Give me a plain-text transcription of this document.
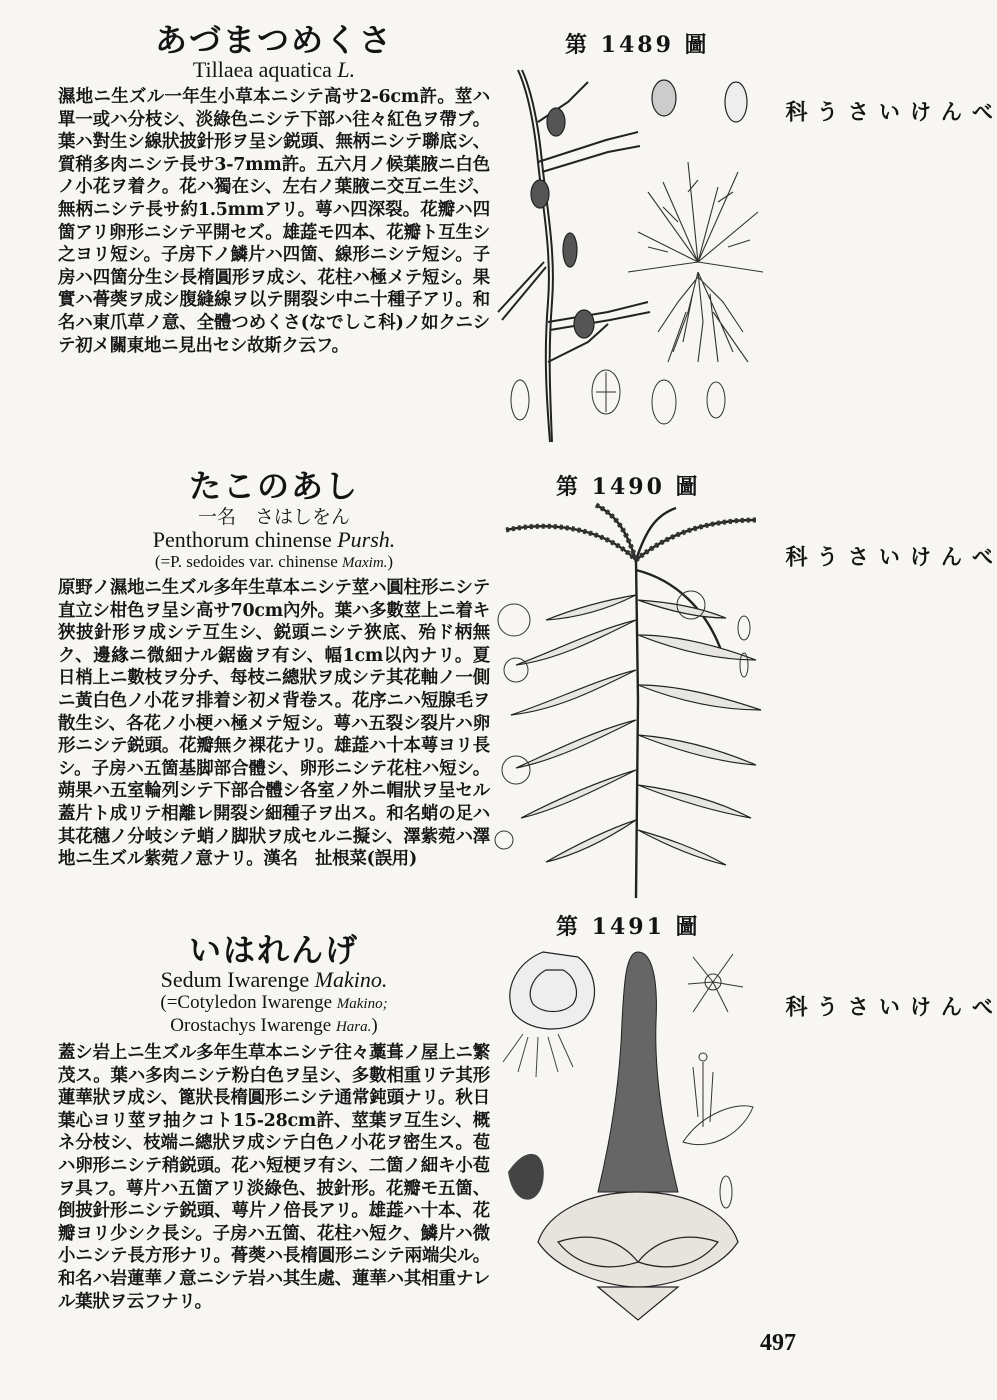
あづまつめくさ

Tillaea aquatica L.

濕地ニ生ズル一年生小草本ニシテ高サ2-6cm許。莖ハ單一或ハ分枝シ、淡綠色ニシテ下部ハ往々紅色ヲ帶ブ。葉ハ對生シ線狀披針形ヲ呈シ鋭頭、無柄ニシテ聯底シ、質稍多肉ニシテ長サ3-7mm許。五六月ノ候葉腋ニ白色ノ小花ヲ着ク。花ハ獨在シ、左右ノ葉腋ニ交互ニ生ジ、無柄ニシテ長サ約1.5mmアリ。萼ハ四深裂。花瓣ハ四箇アリ卵形ニシテ平開セズ。雄蕋モ四本、花瓣ト互生シ之ヨリ短シ。子房下ノ鱗片ハ四箇、線形ニシテ短シ。子房ハ四箇分生シ長楕圓形ヲ成シ、花柱ハ極メテ短シ。果實ハ蓇葖ヲ成シ腹縫線ヲ以テ開裂シ中ニ十種子アリ。和名ハ東爪草ノ意、全體つめくさ(なでしこ科)ノ如クニシテ初メ關東地ニ見出セシ故斯ク云フ。

第 1489 圖
べんけいさう科
たこのあし

一名　さはしをん

Penthorum chinense Pursh.

(=P. sedoides var. chinense Maxim.)

原野ノ濕地ニ生ズル多年生草本ニシテ莖ハ圓柱形ニシテ直立シ柑色ヲ呈シ高サ70cm內外。葉ハ多數莖上ニ着キ狹披針形ヲ成シテ互生シ、鋭頭ニシテ狹底、殆ド柄無ク、邊緣ニ微細ナル鋸齒ヲ有シ、幅1cm以內ナリ。夏日梢上ニ數枝ヲ分チ、每枝ニ總狀ヲ成シテ其花軸ノ一側ニ黃白色ノ小花ヲ排着シ初メ背卷ス。花序ニハ短腺毛ヲ散生シ、各花ノ小梗ハ極メテ短シ。萼ハ五裂シ裂片ハ卵形ニシテ鋭頭。花瓣無ク裸花ナリ。雄蕋ハ十本萼ヨリ長シ。子房ハ五箇基脚部合體シ、卵形ニシテ花柱ハ短シ。蒴果ハ五室輪列シテ下部合體シ各室ノ外ニ帽狀ヲ呈セル蓋片ト成リテ相離レ開裂シ細種子ヲ出ス。和名蛸の足ハ其花穗ノ分岐シテ蛸ノ脚狀ヲ成セルニ擬シ、澤紫菀ハ澤地ニ生ズル紫菀ノ意ナリ。漢名　扯根菜(誤用)

第 1490 圖
べんけいさう科
いはれんげ

Sedum Iwarenge Makino.

(=Cotyledon Iwarenge Makino;

Orostachys Iwarenge Hara.)

蓋シ岩上ニ生ズル多年生草本ニシテ往々藁葺ノ屋上ニ繁茂ス。葉ハ多肉ニシテ粉白色ヲ呈シ、多數相重リテ其形蓮華狀ヲ成シ、篦狀長楕圓形ニシテ通常鈍頭ナリ。秋日葉心ヨリ莖ヲ抽クコト15-28cm許、莖葉ヲ互生シ、概ネ分枝シ、枝端ニ總狀ヲ成シテ白色ノ小花ヲ密生ス。苞ハ卵形ニシテ稍鋭頭。花ハ短梗ヲ有シ、二箇ノ細キ小苞ヲ具フ。萼片ハ五箇アリ淡綠色、披針形。花瓣モ五箇、倒披針形ニシテ鋭頭、萼片ノ倍長アリ。雄蕋ハ十本、花瓣ヨリ少シク長シ。子房ハ五箇、花柱ハ短ク、鱗片ハ微小ニシテ長方形ナリ。蓇葖ハ長楕圓形ニシテ兩端尖ル。和名ハ岩蓮華ノ意ニシテ岩ハ其生處、蓮華ハ其相重ナレル葉狀ヲ云フナリ。

第 1491 圖
べんけいさう科
497
